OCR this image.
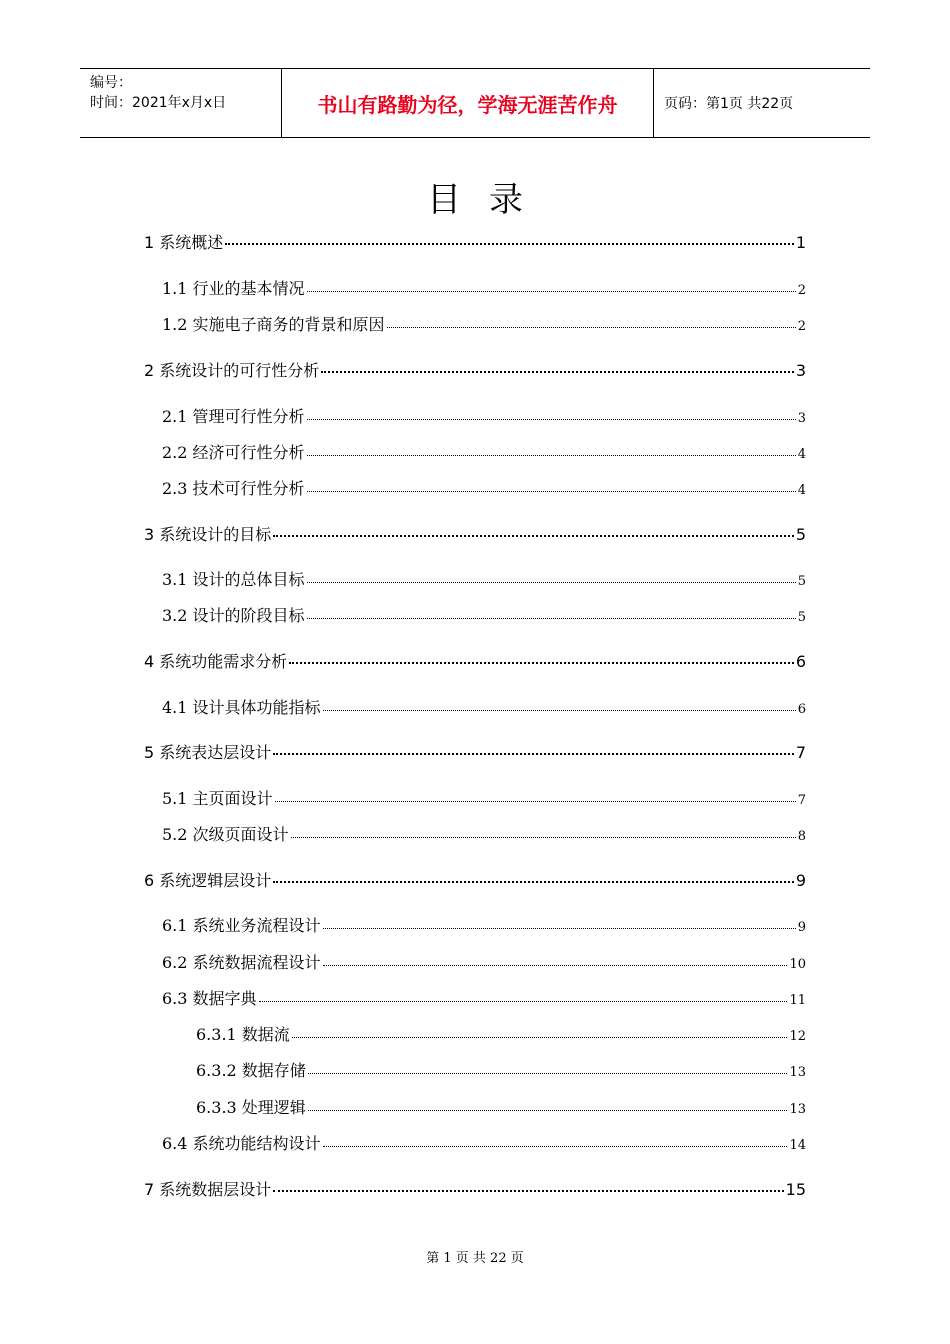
编号：
时间：2021年x月x日	书山有路勤为径，学海无涯苦作舟	页码：第1页 共22页
目录
1 系统概述	1
1.1 行业的基本情况	2
1.2 实施电子商务的背景和原因	2
2 系统设计的可行性分析	3
2.1 管理可行性分析	3
2.2 经济可行性分析	4
2.3 技术可行性分析	4
3 系统设计的目标	5
3.1 设计的总体目标	5
3.2 设计的阶段目标	5
4 系统功能需求分析	6
4.1 设计具体功能指标	6
5 系统表达层设计	7
5.1 主页面设计	7
5.2 次级页面设计	8
6 系统逻辑层设计	9
6.1 系统业务流程设计	9
6.2 系统数据流程设计	10
6.3 数据字典	11
6.3.1 数据流	12
6.3.2 数据存储	13
6.3.3 处理逻辑	13
6.4 系统功能结构设计	14
7 系统数据层设计	15
第 1 页 共 22 页
